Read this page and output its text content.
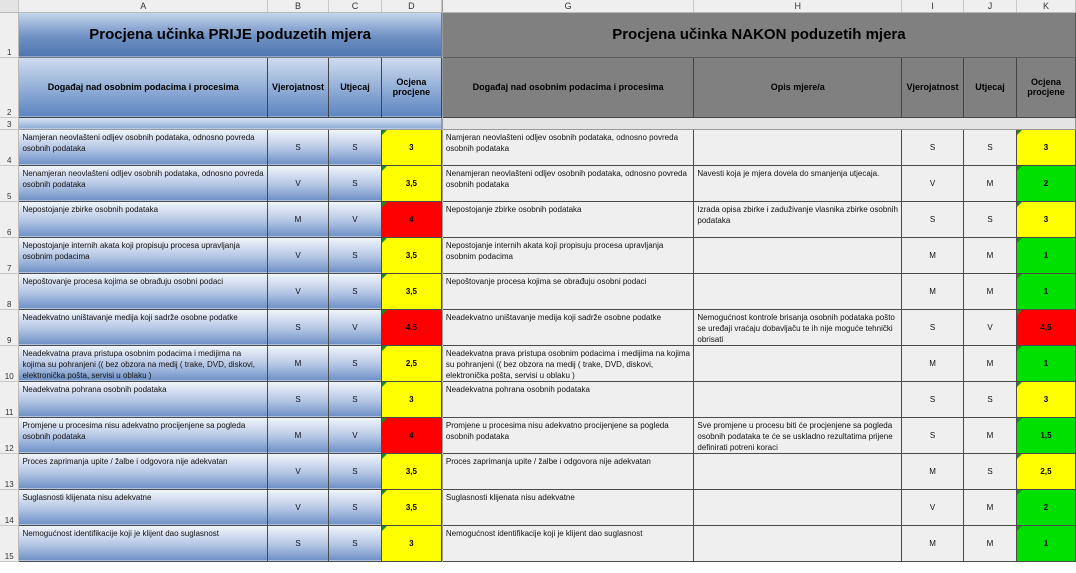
	A	B	C	D		G	H	I	J	K
1	Procjena učinka PRIJE poduzetih mjera				Procjena učinka NAKON poduzetih mjera				
2	Događaj nad osobnim podacima i procesima	Vjerojatnost	Utjecaj	Ocjena procjene		Događaj nad osobnim podacima i procesima	Opis mjere/a	Vjerojatnost	Utjecaj	Ocjena procjene
3									
4	Namjeran neovlašteni odljev osobnih podataka, odnosno povreda osobnih podataka	S	S	3		Namjeran neovlašteni odljev osobnih podataka, odnosno povreda osobnih podataka		S	S	3
5	Nenamjeran neovlašteni odljev osobnih podataka, odnosno povreda osobnih podataka	V	S	3,5		Nenamjeran neovlašteni odljev osobnih podataka, odnosno povreda osobnih podataka	Navesti koja je mjera dovela do smanjenja utjecaja.	V	M	2
6	Nepostojanje zbirke osobnih podataka	M	V	4		Nepostojanje zbirke osobnih podataka	Izrada opisa zbirke i zaduživanje vlasnika zbirke osobnih podataka	S	S	3
7	Nepostojanje internih akata koji propisuju procesa upravljanja osobnim podacima	V	S	3,5		Nepostojanje internih akata koji propisuju procesa upravljanja osobnim podacima		M	M	1
8	Nepoštovanje procesa kojima se obrađuju osobni podaci	V	S	3,5		Nepoštovanje procesa kojima se obrađuju osobni podaci		M	M	1
9	Neadekvatno uništavanje medija koji sadrže osobne podatke	S	V	4,5		Neadekvatno uništavanje medija koji sadrže osobne podatke	Nemogućnost kontrole brisanja osobnih podataka pošto se uređaji vraćaju dobavljaču te ih nije moguće tehnički obrisati	S	V	4,5
10	Neadekvatna prava pristupa osobnim podacima i medijima na kojima su pohranjeni (( bez obzora na medij ( trake, DVD, diskovi, elektronička pošta, servisi u oblaku )	M	S	2,5		Neadekvatna prava pristupa osobnim podacima i medijima na kojima su pohranjeni (( bez obzora na medij ( trake, DVD, diskovi, elektronička pošta, servisi u oblaku )		M	M	1
11	Neadekvatna pohrana osobnih podataka	S	S	3		Neadekvatna pohrana osobnih podataka		S	S	3
12	Promjene u procesima nisu adekvatno procijenjene sa pogleda osobnih podataka	M	V	4		Promjene u procesima nisu adekvatno procijenjene sa pogleda osobnih podataka	Sve promjene u procesu biti će procjenjene sa pogleda osobnih podataka te će se uskladno rezultatima prijene definirati potreni koraci	S	M	1,5
13	Proces zaprimanja upite / žalbe i odgovora nije adekvatan	V	S	3,5		Proces zaprimanja upite / žalbe i odgovora nije adekvatan		M	S	2,5
14	Suglasnosti klijenata nisu adekvatne	V	S	3,5		Suglasnosti klijenata nisu adekvatne		V	M	2
15	Nemogućnost identifikacije koji je klijent dao suglasnost	S	S	3		Nemogućnost identifikacije koji je klijent dao suglasnost		M	M	1
